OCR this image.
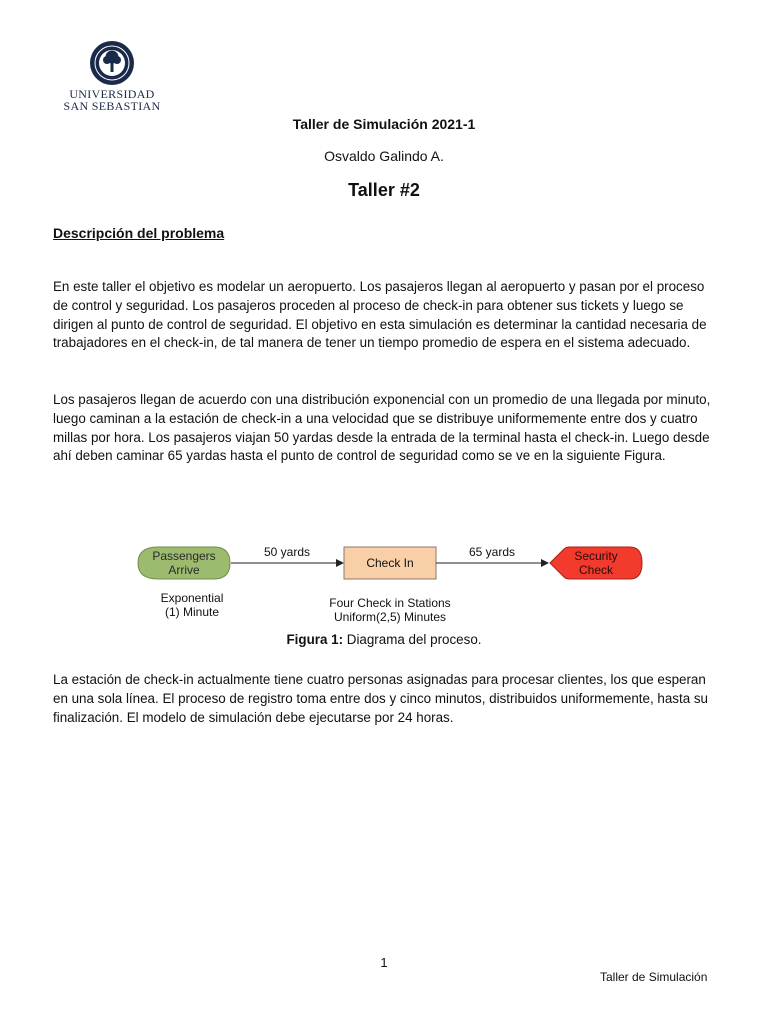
UNIVERSIDAD
SAN SEBASTIAN
Taller de Simulación 2021-1
Osvaldo Galindo A.
Taller #2
Descripción del problema

En este taller el objetivo es modelar un aeropuerto. Los pasajeros llegan al aeropuerto y pasan por el proceso de control y seguridad. Los pasajeros proceden al proceso de check-in para obtener sus tickets y luego se dirigen al punto de control de seguridad. El objetivo en esta simulación es determinar la cantidad necesaria de trabajadores en el check-in, de tal manera de tener un tiempo promedio de espera en el sistema adecuado.

Los pasajeros llegan de acuerdo con una distribución exponencial con un promedio de una llegada por minuto, luego caminan a la estación de check-in a una velocidad que se distribuye uniformemente entre dos y cuatro millas por hora. Los pasajeros viajan 50 yardas desde la entrada de la terminal hasta el check-in. Luego desde ahí deben caminar 65 yardas hasta el punto de control de seguridad como se ve en la siguiente Figura.

Passengers
Arrive
50 yards
Check In
65 yards	Security
Check
Exponential
(1) Minute
Four Check in Stations
Uniform(2,5) Minutes
Figura 1: Diagrama del proceso.

La estación de check-in actualmente tiene cuatro personas asignadas para procesar clientes, los que esperan en una sola línea. El proceso de registro toma entre dos y cinco minutos, distribuidos uniformemente, hasta su finalización. El modelo de simulación debe ejecutarse por 24 horas.

1
Taller de Simulación
